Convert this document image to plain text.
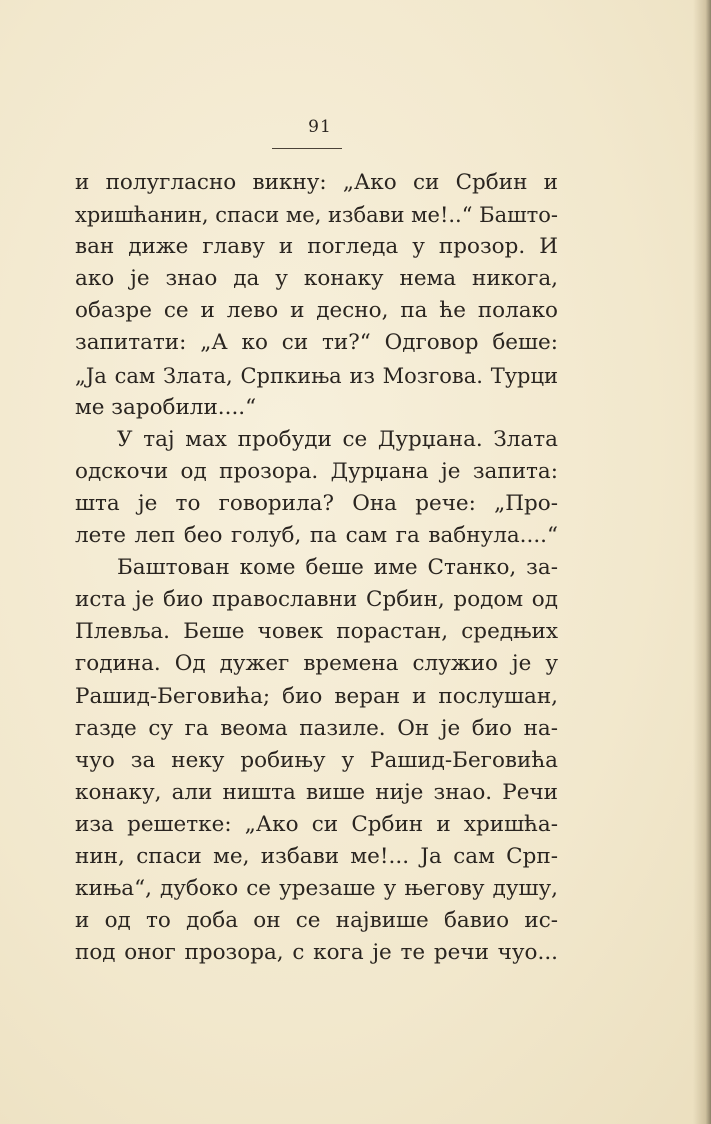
91
и полугласно викну: „Ако си Србин и
хришћанин, спаси ме, избави ме!..“ Башто-
ван диже главу и погледа у прозор. И
ако је знао да у конаку нема никога,
обазре се и лево и десно, па ће полако
запитати: „А ко си ти?“ Одговор беше:
„Ја сам Злата, Српкиња из Мозгова. Турци
ме заробили....“
У тај мах пробуди се Дурџана. Злата
одскочи од прозора. Дурџана је запита:
шта је то говорила? Она рече: „Про-
лете леп бео голуб, па сам га вабнула....“
Баштован коме беше име Станко, за-
иста је био православни Србин, родом од
Плевља. Беше човек порастан, средњих
година. Од дужег времена служио је у
Рашид-Беговића; био веран и послушан,
газде су га веома пазиле. Он је био на-
чуо за неку робињу у Рашид-Беговића
конаку, али ништа више није знао. Речи
иза решетке: „Ако си Србин и хришћа-
нин, спаси ме, избави ме!... Ја сам Срп-
киња“, дубоко се урезаше у његову душу,
и од то доба он се највише бавио ис-
под оног прозора, с кога је те речи чуо...
